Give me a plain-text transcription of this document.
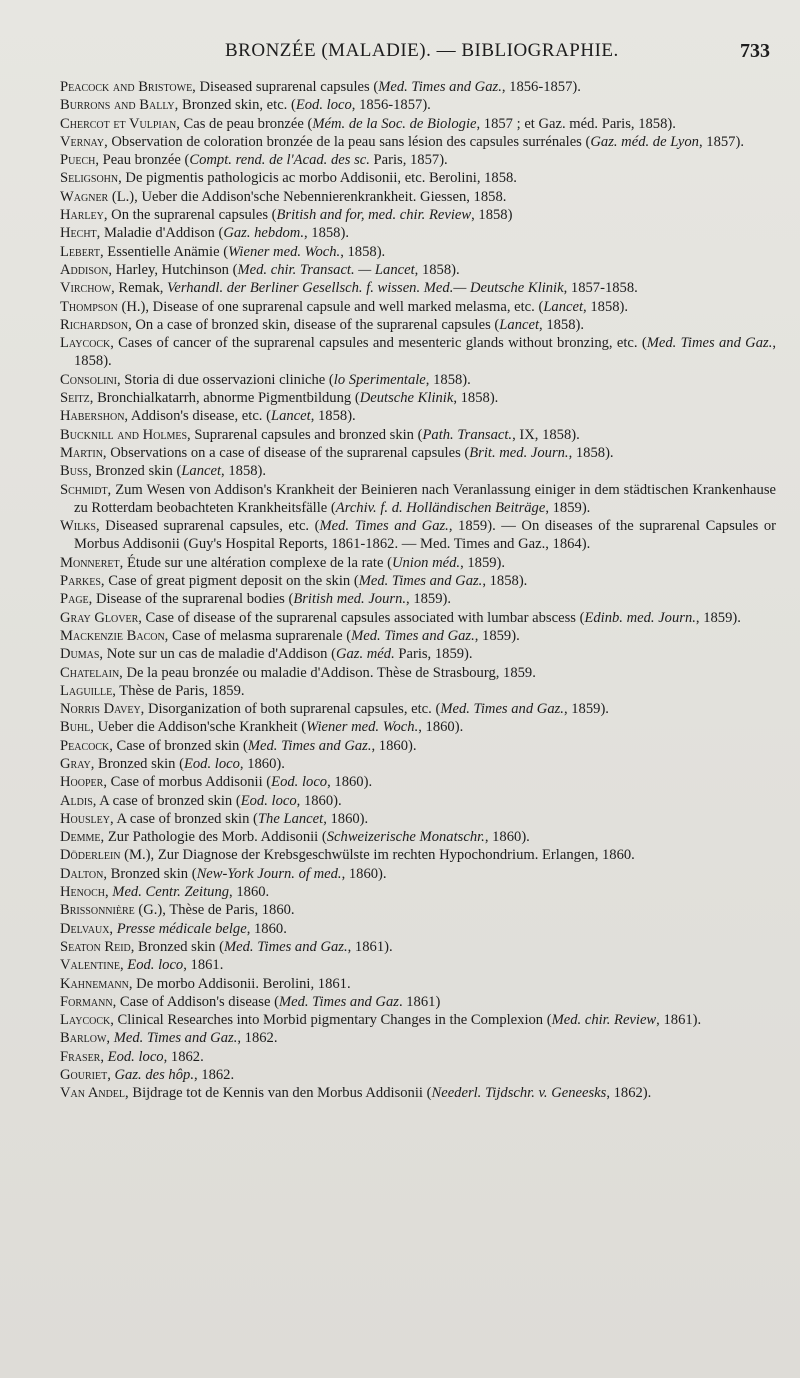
BRONZÉE (MALADIE). — BIBLIOGRAPHIE.	733
Peacock and Bristowe, Diseased suprarenal capsules (Med. Times and Gaz., 1856-1857).
Burrons and Bally, Bronzed skin, etc. (Eod. loco, 1856-1857).
Chercot et Vulpian, Cas de peau bronzée (Mém. de la Soc. de Biologie, 1857 ; et Gaz. méd. Paris, 1858).
Vernay, Observation de coloration bronzée de la peau sans lésion des capsules surrénales (Gaz. méd. de Lyon, 1857).
Puech, Peau bronzée (Compt. rend. de l'Acad. des sc. Paris, 1857).
Seligsohn, De pigmentis pathologicis ac morbo Addisonii, etc. Berolini, 1858.
Wagner (L.), Ueber die Addison'sche Nebennierenkrankheit. Giessen, 1858.
Harley, On the suprarenal capsules (British and for, med. chir. Review, 1858)
Hecht, Maladie d'Addison (Gaz. hebdom., 1858).
Lebert, Essentielle Anämie (Wiener med. Woch., 1858).
Addison, Harley, Hutchinson (Med. chir. Transact. — Lancet, 1858).
Virchow, Remak, Verhandl. der Berliner Gesellsch. f. wissen. Med.— Deutsche Klinik, 1857-1858.
Thompson (H.), Disease of one suprarenal capsule and well marked melasma, etc. (Lancet, 1858).
Richardson, On a case of bronzed skin, disease of the suprarenal capsules (Lancet, 1858).
Laycock, Cases of cancer of the suprarenal capsules and mesenteric glands without bronzing, etc. (Med. Times and Gaz., 1858).
Consolini, Storia di due osservazioni cliniche (lo Sperimentale, 1858).
Seitz, Bronchialkatarrh, abnorme Pigmentbildung (Deutsche Klinik, 1858).
Habershon, Addison's disease, etc. (Lancet, 1858).
Bucknill and Holmes, Suprarenal capsules and bronzed skin (Path. Transact., IX, 1858).
Martin, Observations on a case of disease of the suprarenal capsules (Brit. med. Journ., 1858).
Buss, Bronzed skin (Lancet, 1858).
Schmidt, Zum Wesen von Addison's Krankheit der Beinieren nach Veranlassung einiger in dem städtischen Krankenhause zu Rotterdam beobachteten Krankheitsfälle (Archiv. f. d. Holländischen Beiträge, 1859).
Wilks, Diseased suprarenal capsules, etc. (Med. Times and Gaz., 1859). — On diseases of the suprarenal Capsules or Morbus Addisonii (Guy's Hospital Reports, 1861-1862. — Med. Times and Gaz., 1864).
Monneret, Étude sur une altération complexe de la rate (Union méd., 1859).
Parkes, Case of great pigment deposit on the skin (Med. Times and Gaz., 1858).
Page, Disease of the suprarenal bodies (British med. Journ., 1859).
Gray Glover, Case of disease of the suprarenal capsules associated with lumbar abscess (Edinb. med. Journ., 1859).
Mackenzie Bacon, Case of melasma suprarenale (Med. Times and Gaz., 1859).
Dumas, Note sur un cas de maladie d'Addison (Gaz. méd. Paris, 1859).
Chatelain, De la peau bronzée ou maladie d'Addison. Thèse de Strasbourg, 1859.
Laguille, Thèse de Paris, 1859.
Norris Davey, Disorganization of both suprarenal capsules, etc. (Med. Times and Gaz., 1859).
Buhl, Ueber die Addison'sche Krankheit (Wiener med. Woch., 1860).
Peacock, Case of bronzed skin (Med. Times and Gaz., 1860).
Gray, Bronzed skin (Eod. loco, 1860).
Hooper, Case of morbus Addisonii (Eod. loco, 1860).
Aldis, A case of bronzed skin (Eod. loco, 1860).
Housley, A case of bronzed skin (The Lancet, 1860).
Demme, Zur Pathologie des Morb. Addisonii (Schweizerische Monatschr., 1860).
Döderlein (M.), Zur Diagnose der Krebsgeschwülste im rechten Hypochondrium. Erlangen, 1860.
Dalton, Bronzed skin (New-York Journ. of med., 1860).
Henoch, Med. Centr. Zeitung, 1860.
Brissonnière (G.), Thèse de Paris, 1860.
Delvaux, Presse médicale belge, 1860.
Seaton Reid, Bronzed skin (Med. Times and Gaz., 1861).
Valentine, Eod. loco, 1861.
Kahnemann, De morbo Addisonii. Berolini, 1861.
Formann, Case of Addison's disease (Med. Times and Gaz. 1861)
Laycock, Clinical Researches into Morbid pigmentary Changes in the Complexion (Med. chir. Review, 1861).
Barlow, Med. Times and Gaz., 1862.
Fraser, Eod. loco, 1862.
Gouriet, Gaz. des hôp., 1862.
Van Andel, Bijdrage tot de Kennis van den Morbus Addisonii (Neederl. Tijdschr. v. Geneesks, 1862).
